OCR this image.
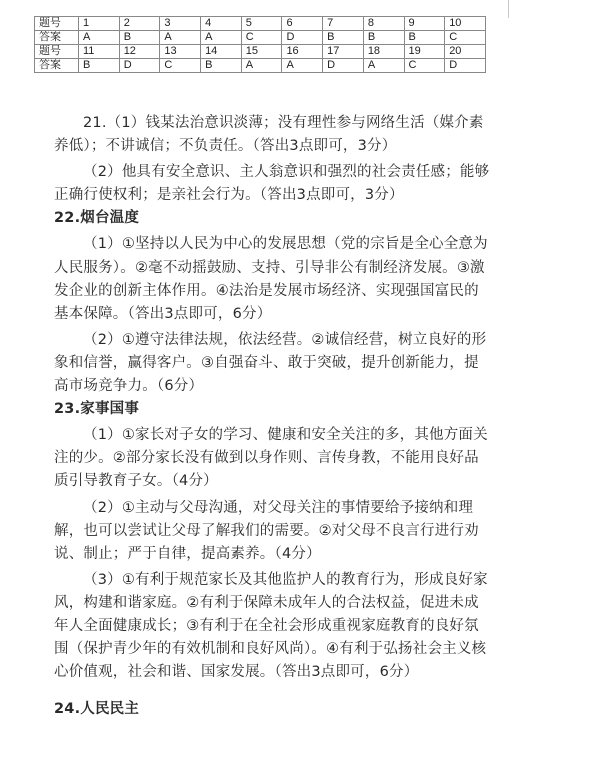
题号	1	2	3	4	5	6	7	8	9	10
答案	A	B	A	A	C	D	B	B	B	C
题号	11	12	13	14	15	16	17	18	19	20
答案	B	D	C	B	A	A	D	A	C	D

21.（1）钱某法治意识淡薄；没有理性参与网络生活（媒介素养低）；不讲诚信；不负责任。（答出3点即可，3分）

（2）他具有安全意识、主人翁意识和强烈的社会责任感；能够正确行使权利；是亲社会行为。（答出3点即可，3分）

22.烟台温度

（1）①坚持以人民为中心的发展思想（党的宗旨是全心全意为人民服务）。②毫不动摇鼓励、支持、引导非公有制经济发展。③激发企业的创新主体作用。④法治是发展市场经济、实现强国富民的基本保障。（答出3点即可，6分）

（2）①遵守法律法规，依法经营。②诚信经营，树立良好的形象和信誉，赢得客户。③自强奋斗、敢于突破，提升创新能力，提高市场竞争力。（6分）

23.家事国事

（1）①家长对子女的学习、健康和安全关注的多，其他方面关注的少。②部分家长没有做到以身作则、言传身教，不能用良好品质引导教育子女。（4分）

（2）①主动与父母沟通，对父母关注的事情要给予接纳和理解，也可以尝试让父母了解我们的需要。②对父母不良言行进行劝说、制止；严于自律，提高素养。（4分）

（3）①有利于规范家长及其他监护人的教育行为，形成良好家风，构建和谐家庭。②有利于保障未成年人的合法权益，促进未成年人全面健康成长；③有利于在全社会形成重视家庭教育的良好氛围（保护青少年的有效机制和良好风尚）。④有利于弘扬社会主义核心价值观，社会和谐、国家发展。（答出3点即可，6分）

24.人民民主
